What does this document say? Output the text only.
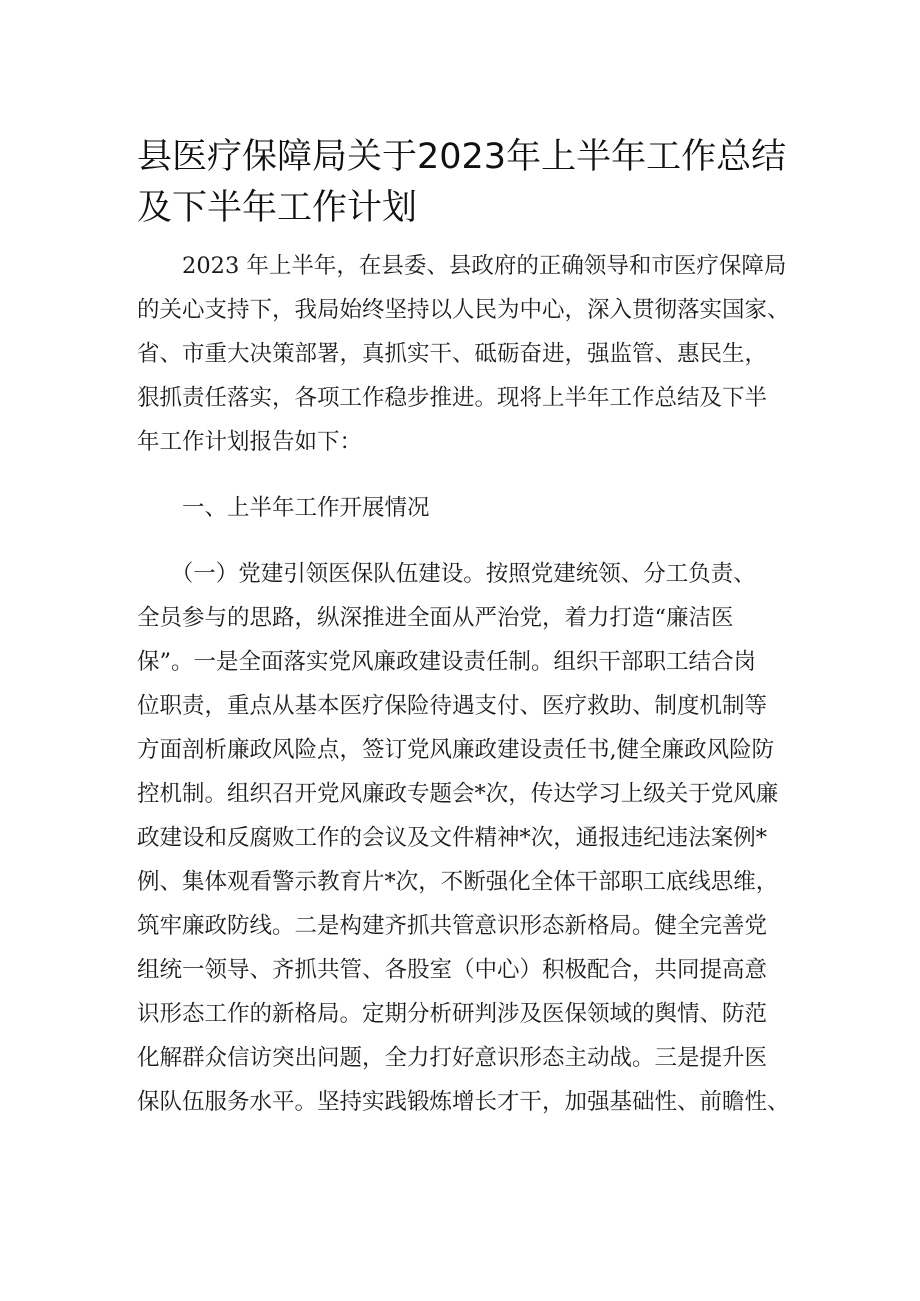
县医疗保障局关于2023年上半年工作总结
及下半年工作计划
　　2023 年上半年，在县委、县政府的正确领导和市医疗保障局
的关心支持下，我局始终坚持以人民为中心，深入贯彻落实国家、
省、市重大决策部署，真抓实干、砥砺奋进，强监管、惠民生，
狠抓责任落实，各项工作稳步推进。现将上半年工作总结及下半
年工作计划报告如下：
　　一、上半年工作开展情况
　　（一）党建引领医保队伍建设。按照党建统领、分工负责、
全员参与的思路，纵深推进全面从严治党，着力打造“廉洁医
保”。一是全面落实党风廉政建设责任制。组织干部职工结合岗
位职责，重点从基本医疗保险待遇支付、医疗救助、制度机制等
方面剖析廉政风险点，签订党风廉政建设责任书,健全廉政风险防
控机制。组织召开党风廉政专题会*次，传达学习上级关于党风廉
政建设和反腐败工作的会议及文件精神*次，通报违纪违法案例*
例、集体观看警示教育片*次，不断强化全体干部职工底线思维，
筑牢廉政防线。二是构建齐抓共管意识形态新格局。健全完善党
组统一领导、齐抓共管、各股室（中心）积极配合，共同提高意
识形态工作的新格局。定期分析研判涉及医保领域的舆情、防范
化解群众信访突出问题，全力打好意识形态主动战。三是提升医
保队伍服务水平。坚持实践锻炼增长才干，加强基础性、前瞻性、
